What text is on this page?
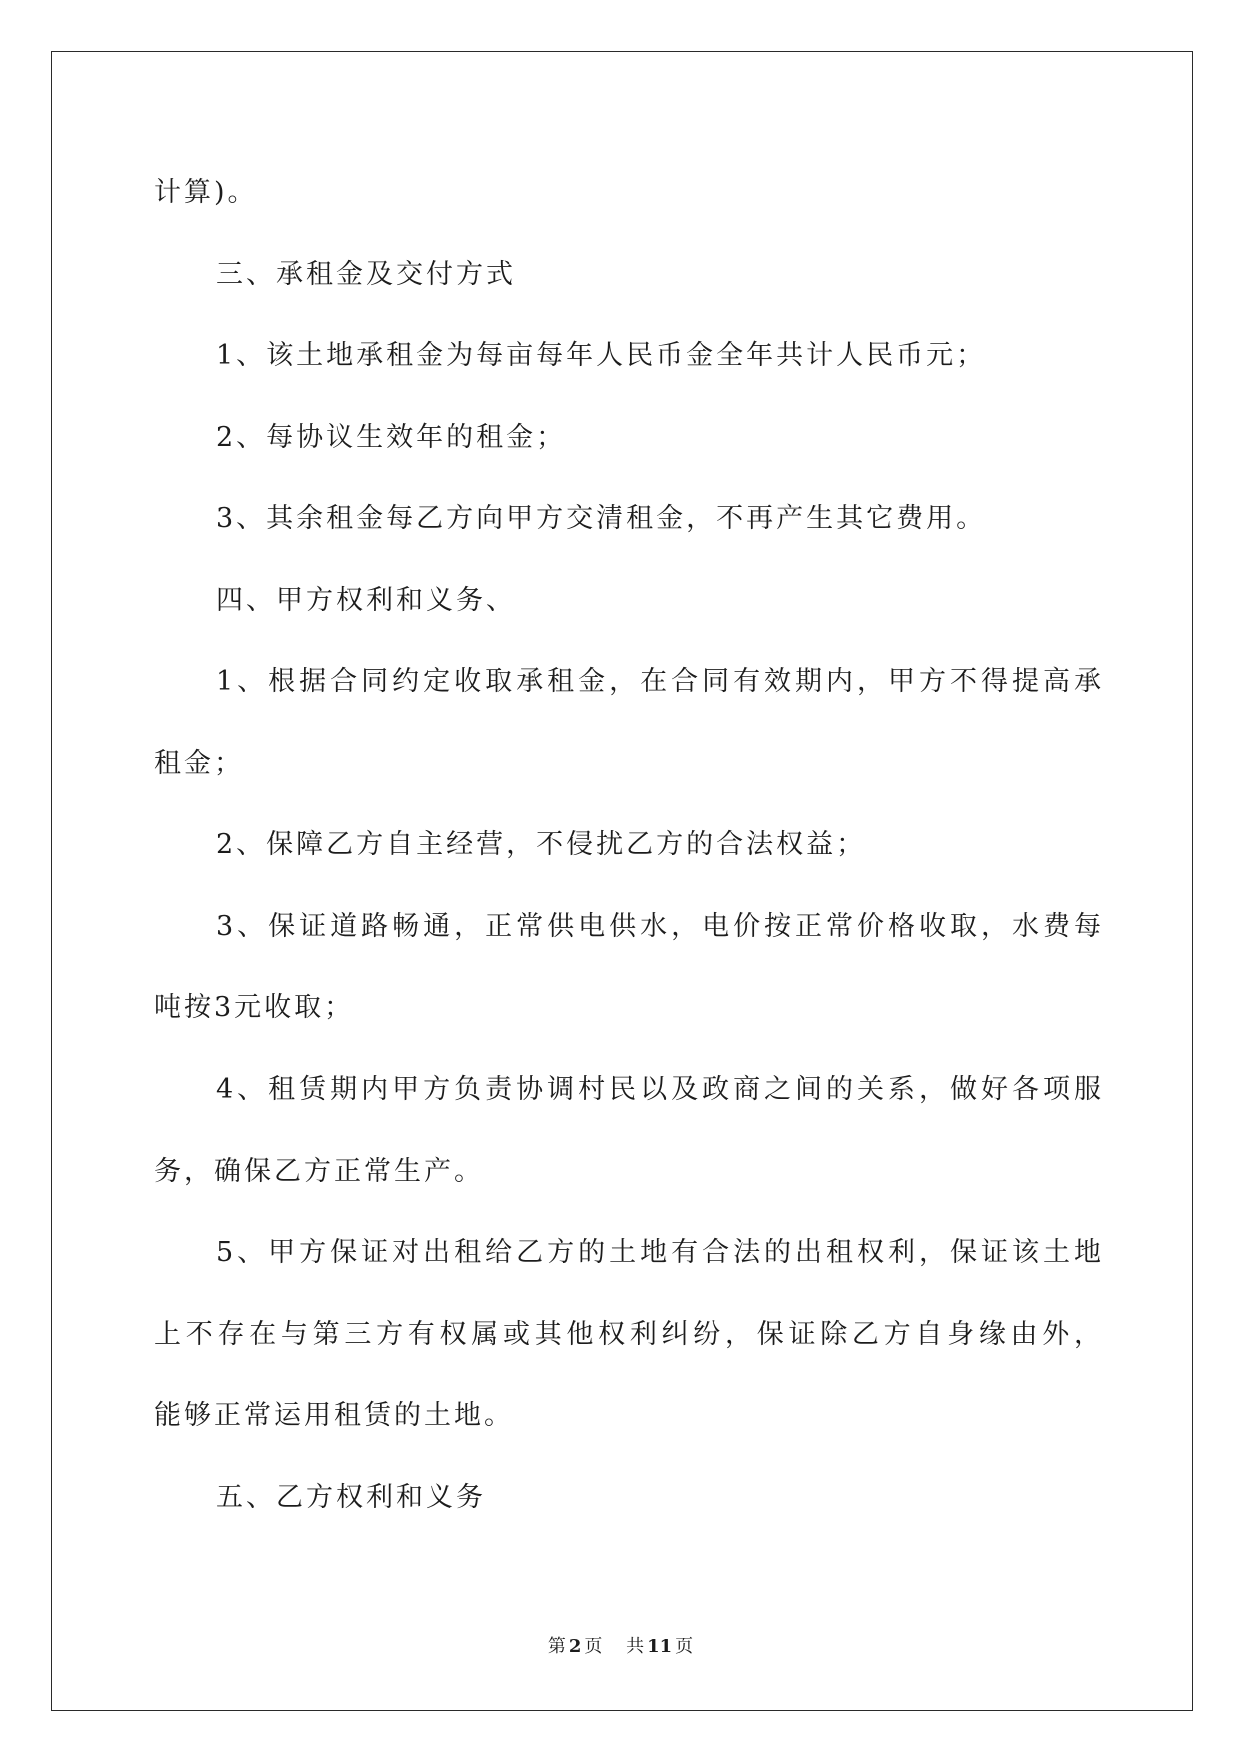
计算)。
三、承租金及交付方式
1、该土地承租金为每亩每年人民币金全年共计人民币元；
2、每协议生效年的租金；
3、其余租金每乙方向甲方交清租金，不再产生其它费用。
四、甲方权利和义务、
1、根据合同约定收取承租金，在合同有效期内，甲方不得提高承
租金；
2、保障乙方自主经营，不侵扰乙方的合法权益；
3、保证道路畅通，正常供电供水，电价按正常价格收取，水费每
吨按3元收取；
4、租赁期内甲方负责协调村民以及政商之间的关系，做好各项服
务，确保乙方正常生产。
5、甲方保证对出租给乙方的土地有合法的出租权利，保证该土地
上不存在与第三方有权属或其他权利纠纷，保证除乙方自身缘由外，
能够正常运用租赁的土地。
五、乙方权利和义务
第 2 页 共 11 页
